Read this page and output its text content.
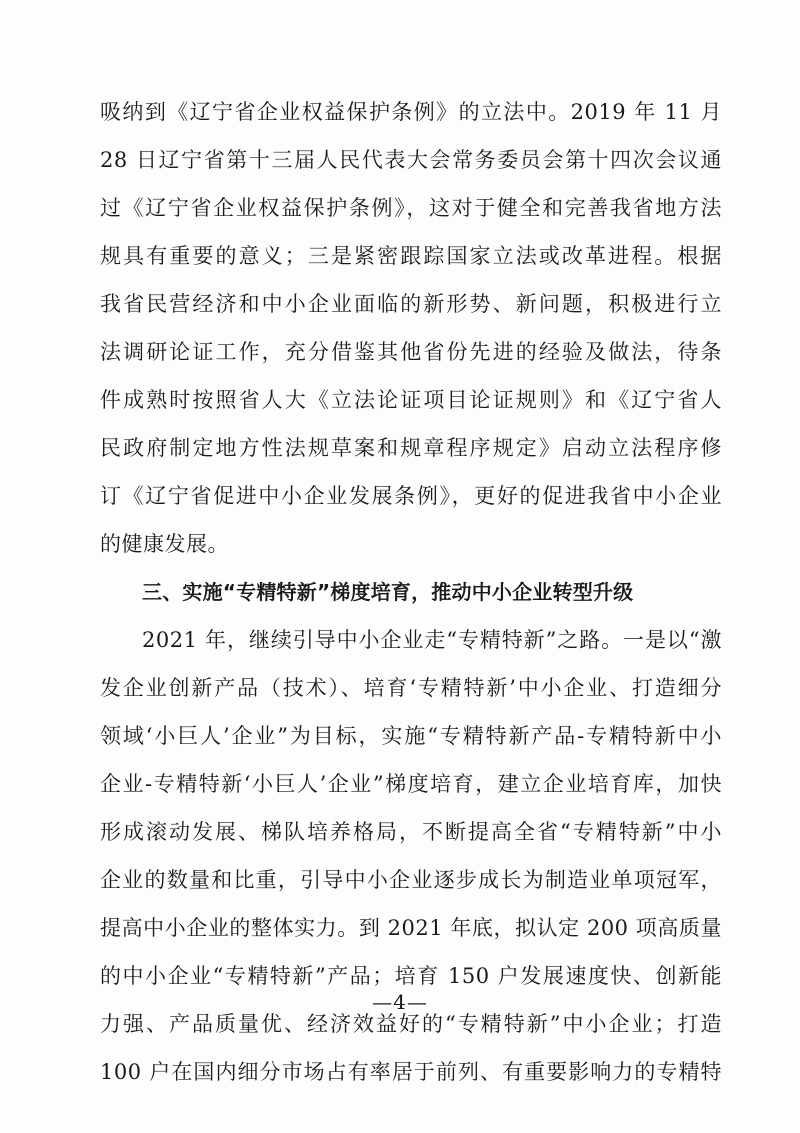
吸纳到《辽宁省企业权益保护条例》的立法中。2019 年 11 月
28 日辽宁省第十三届人民代表大会常务委员会第十四次会议通
过《辽宁省企业权益保护条例》，这对于健全和完善我省地方法
规具有重要的意义；三是紧密跟踪国家立法或改革进程。根据
我省民营经济和中小企业面临的新形势、新问题，积极进行立
法调研论证工作，充分借鉴其他省份先进的经验及做法，待条
件成熟时按照省人大《立法论证项目论证规则》和《辽宁省人
民政府制定地方性法规草案和规章程序规定》启动立法程序修
订《辽宁省促进中小企业发展条例》，更好的促进我省中小企业
的健康发展。
三、实施“专精特新”梯度培育，推动中小企业转型升级
2021 年，继续引导中小企业走“专精特新”之路。一是以“激
发企业创新产品（技术）、培育‘专精特新’中小企业、打造细分
领域‘小巨人’企业”为目标，实施“专精特新产品-专精特新中小
企业-专精特新‘小巨人’企业”梯度培育，建立企业培育库，加快
形成滚动发展、梯队培养格局，不断提高全省“专精特新”中小
企业的数量和比重，引导中小企业逐步成长为制造业单项冠军，
提高中小企业的整体实力。到 2021 年底，拟认定 200 项高质量
的中小企业“专精特新”产品；培育 150 户发展速度快、创新能
力强、产品质量优、经济效益好的“专精特新”中小企业；打造
100 户在国内细分市场占有率居于前列、有重要影响力的专精特
—4—
